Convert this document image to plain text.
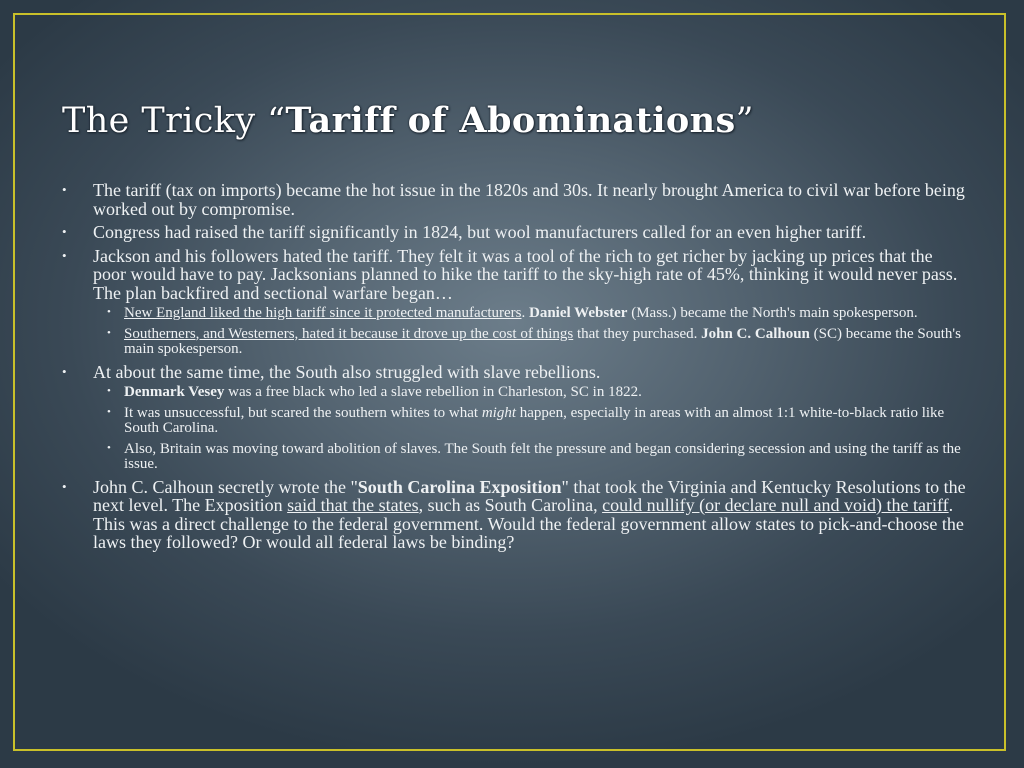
The Tricky “Tariff of Abominations”
• The tariff (tax on imports) became the hot issue in the 1820s and 30s. It nearly brought America to civil war before being worked out by compromise.
• Congress had raised the tariff significantly in 1824, but wool manufacturers called for an even higher tariff.
• Jackson and his followers hated the tariff. They felt it was a tool of the rich to get richer by jacking up prices that the poor would have to pay. Jacksonians planned to hike the tariff to the sky-high rate of 45%, thinking it would never pass. The plan backfired and sectional warfare began…
• New England liked the high tariff since it protected manufacturers. Daniel Webster (Mass.) became the North's main spokesperson.
• Southerners, and Westerners, hated it because it drove up the cost of things that they purchased. John C. Calhoun (SC) became the South's main spokesperson.
• At about the same time, the South also struggled with slave rebellions.
• Denmark Vesey was a free black who led a slave rebellion in Charleston, SC in 1822.
• It was unsuccessful, but scared the southern whites to what might happen, especially in areas with an almost 1:1 white-to-black ratio like South Carolina.
• Also, Britain was moving toward abolition of slaves. The South felt the pressure and began considering secession and using the tariff as the issue.
• John C. Calhoun secretly wrote the "South Carolina Exposition" that took the Virginia and Kentucky Resolutions to the next level. The Exposition said that the states, such as South Carolina, could nullify (or declare null and void) the tariff. This was a direct challenge to the federal government. Would the federal government allow states to pick-and-choose the laws they followed? Or would all federal laws be binding?
